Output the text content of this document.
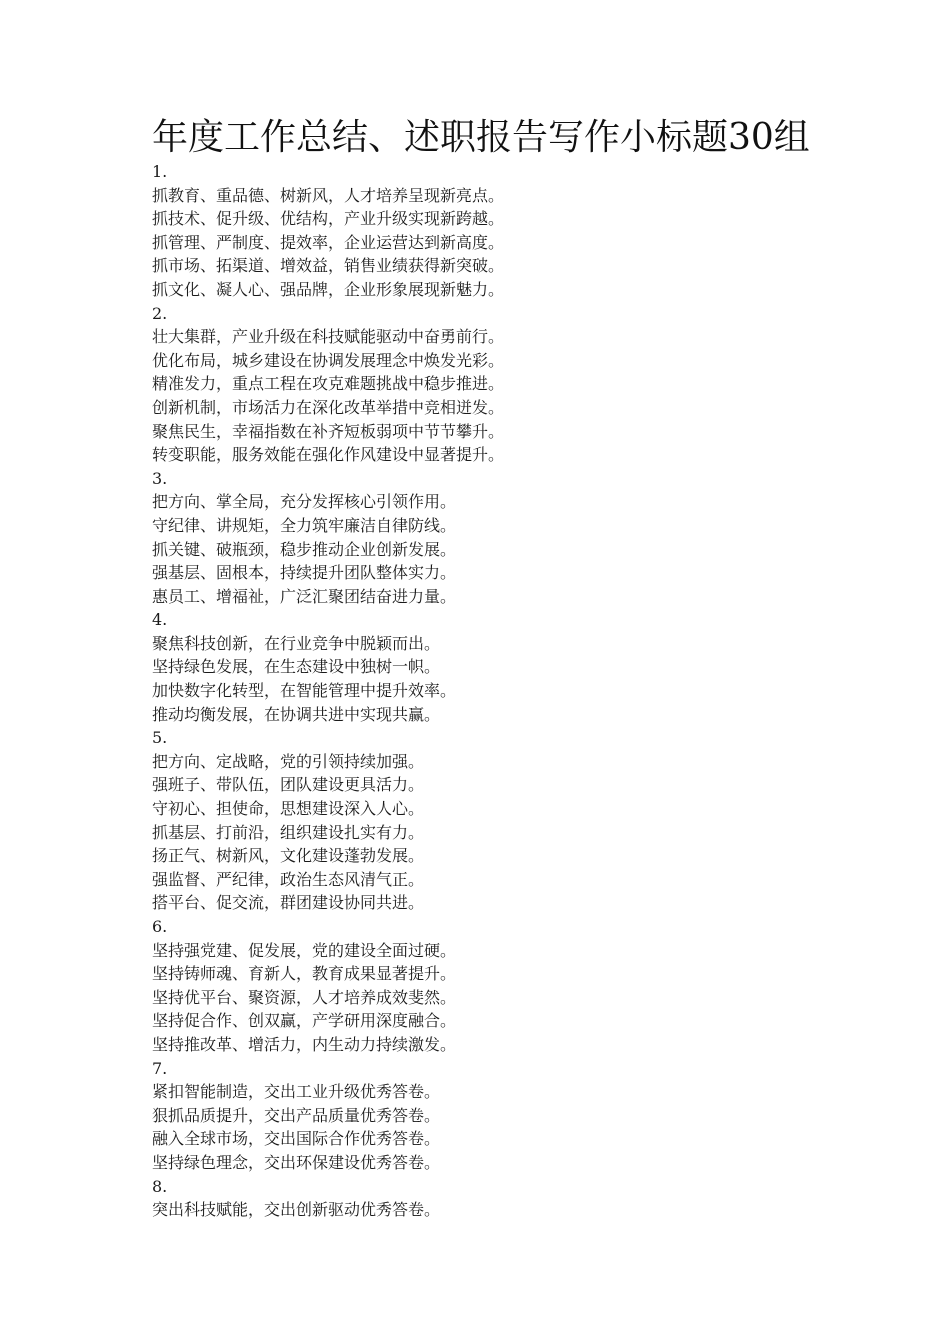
年度工作总结、述职报告写作小标题30组
1.
抓教育、重品德、树新风，人才培养呈现新亮点。
抓技术、促升级、优结构，产业升级实现新跨越。
抓管理、严制度、提效率，企业运营达到新高度。
抓市场、拓渠道、增效益，销售业绩获得新突破。
抓文化、凝人心、强品牌，企业形象展现新魅力。
2.
壮大集群，产业升级在科技赋能驱动中奋勇前行。
优化布局，城乡建设在协调发展理念中焕发光彩。
精准发力，重点工程在攻克难题挑战中稳步推进。
创新机制，市场活力在深化改革举措中竞相迸发。
聚焦民生，幸福指数在补齐短板弱项中节节攀升。
转变职能，服务效能在强化作风建设中显著提升。
3.
把方向、掌全局，充分发挥核心引领作用。
守纪律、讲规矩，全力筑牢廉洁自律防线。
抓关键、破瓶颈，稳步推动企业创新发展。
强基层、固根本，持续提升团队整体实力。
惠员工、增福祉，广泛汇聚团结奋进力量。
4.
聚焦科技创新，在行业竞争中脱颖而出。
坚持绿色发展，在生态建设中独树一帜。
加快数字化转型，在智能管理中提升效率。
推动均衡发展，在协调共进中实现共赢。
5.
把方向、定战略，党的引领持续加强。
强班子、带队伍，团队建设更具活力。
守初心、担使命，思想建设深入人心。
抓基层、打前沿，组织建设扎实有力。
扬正气、树新风，文化建设蓬勃发展。
强监督、严纪律，政治生态风清气正。
搭平台、促交流，群团建设协同共进。
6.
坚持强党建、促发展，党的建设全面过硬。
坚持铸师魂、育新人，教育成果显著提升。
坚持优平台、聚资源，人才培养成效斐然。
坚持促合作、创双赢，产学研用深度融合。
坚持推改革、增活力，内生动力持续激发。
7.
紧扣智能制造，交出工业升级优秀答卷。
狠抓品质提升，交出产品质量优秀答卷。
融入全球市场，交出国际合作优秀答卷。
坚持绿色理念，交出环保建设优秀答卷。
8.
突出科技赋能，交出创新驱动优秀答卷。
